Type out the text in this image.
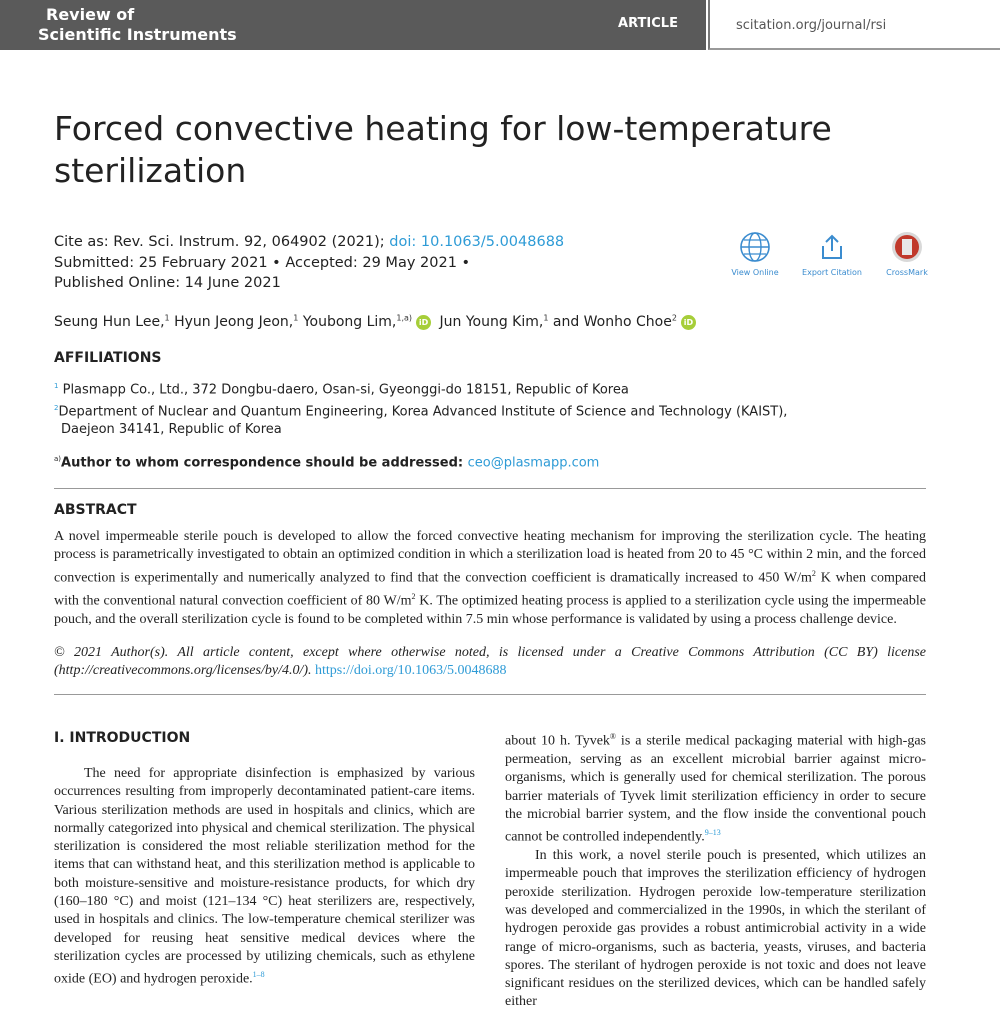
Review of
Scientific Instruments
ARTICLE	scitation.org/journal/rsi
Forced convective heating for low-temperature sterilization
Cite as: Rev. Sci. Instrum. 92, 064902 (2021); doi: 10.1063/5.0048688
Submitted: 25 February 2021 • Accepted: 29 May 2021 •
Published Online: 14 June 2021
View Online	Export Citation	CrossMark
Seung Hun Lee,$^1$ Hyun Jeong Jeon,$^1$ Youbong Lim,$^{1,a)}$iD Jun Young Kim,$^1$ and Wonho Choe$^2$iD
AFFILIATIONS
$^1$ Plasmapp Co., Ltd., 372 Dongbu-daero, Osan-si, Gyeonggi-do 18151, Republic of Korea
$^2$Department of Nuclear and Quantum Engineering, Korea Advanced Institute of Science and Technology (KAIST),
Daejeon 34141, Republic of Korea
$^{a)}$Author to whom correspondence should be addressed: ceo@plasmapp.com
ABSTRACT
A novel impermeable sterile pouch is developed to allow the forced convective heating mechanism for improving the sterilization cycle. The heating process is parametrically investigated to obtain an optimized condition in which a sterilization load is heated from 20 to 45 °C within 2 min, and the forced convection is experimentally and numerically analyzed to find that the convection coefficient is dramatically increased to 450 $W/m^2$ K when compared with the conventional natural convection coefficient of 80 $W/m^2$ K. The optimized heating process is applied to a sterilization cycle using the impermeable pouch, and the overall sterilization cycle is found to be completed within 7.5 min whose performance is validated by using a process challenge device.
© 2021 Author(s). All article content, except where otherwise noted, is licensed under a Creative Commons Attribution (CC BY) license (http://creativecommons.org/licenses/by/4.0/). https://doi.org/10.1063/5.0048688
I. INTRODUCTION

The need for appropriate disinfection is emphasized by various occurrences resulting from improperly decontaminated patient-care items. Various sterilization methods are used in hospitals and clinics, which are normally categorized into physical and chemical sterilization. The physical sterilization is considered the most reliable sterilization method for the items that can withstand heat, and this sterilization method is applicable to both moisture-sensitive and moisture-resistance products, for which dry (160–180 °C) and moist (121–134 °C) heat sterilizers are, respectively, used in hospitals and clinics. The low-temperature chemical sterilizer was developed for reusing heat sensitive medical devices where the sterilization cycles are processed by utilizing chemicals, such as ethylene oxide (EO) and hydrogen peroxide.$^{1-8}$

about 10 h. Tyvek® is a sterile medical packaging material with high-gas permeation, serving as an excellent microbial barrier against micro-organisms, which is generally used for chemical sterilization. The porous barrier materials of Tyvek limit sterilization efficiency in order to secure the microbial barrier system, and the flow inside the conventional pouch cannot be controlled independently.$^{9-13}$

In this work, a novel sterile pouch is presented, which utilizes an impermeable pouch that improves the sterilization efficiency of hydrogen peroxide sterilization. Hydrogen peroxide low-temperature sterilization was developed and commercialized in the 1990s, in which the sterilant of hydrogen peroxide gas provides a robust antimicrobial activity in a wide range of micro-organisms, such as bacteria, yeasts, viruses, and bacteria spores. The sterilant of hydrogen peroxide is not toxic and does not leave significant residues on the sterilized devices, which can be handled safely either
